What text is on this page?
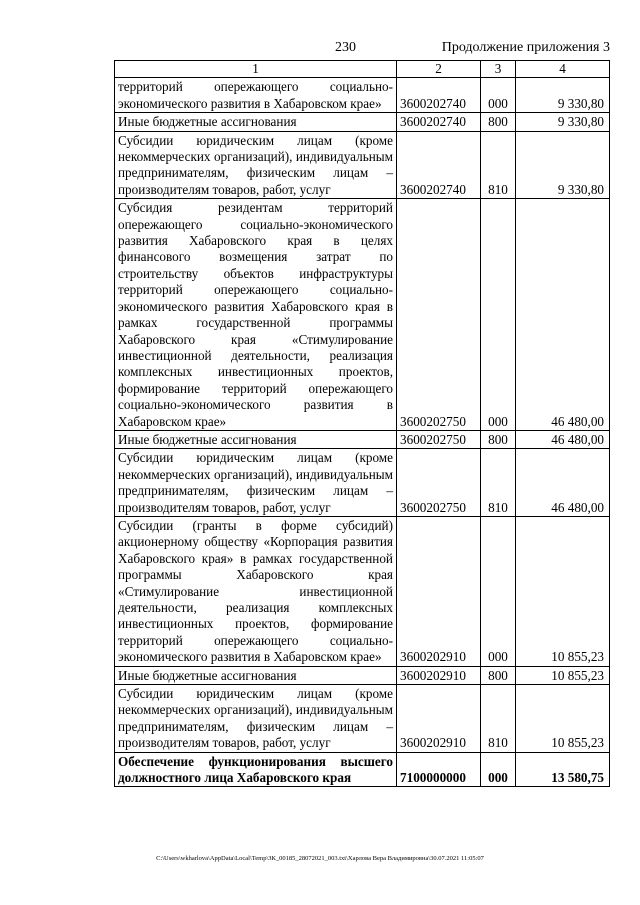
230	Продолжение приложения 3
1	2	3	4
территорий опережающего социально-экономического развития в Хабаровском крае»	3600202740	000	9 330,80
Иные бюджетные ассигнования	3600202740	800	9 330,80
Субсидии юридическим лицам (кроме некоммерческих организаций), индивидуальным предпринимателям, физическим лицам – производителям товаров, работ, услуг	3600202740	810	9 330,80
Субсидия резидентам территорий опережающего социально-экономического развития Хабаровского края в целях финансового возмещения затрат по строительству объектов инфраструктуры территорий опережающего социально-экономического развития Хабаровского края в рамках государственной программы Хабаровского края «Стимулирование инвестиционной деятельности, реализация комплексных инвестиционных проектов, формирование территорий опережающего социально-экономического развития в Хабаровском крае»	3600202750	000	46 480,00
Иные бюджетные ассигнования	3600202750	800	46 480,00
Субсидии юридическим лицам (кроме некоммерческих организаций), индивидуальным предпринимателям, физическим лицам – производителям товаров, работ, услуг	3600202750	810	46 480,00
Субсидии (гранты в форме субсидий) акционерному обществу «Корпорация развития Хабаровского края» в рамках государственной программы Хабаровского края «Стимулирование инвестиционной деятельности, реализация комплексных инвестиционных проектов, формирование территорий опережающего социально-экономического развития в Хабаровском крае»	3600202910	000	10 855,23
Иные бюджетные ассигнования	3600202910	800	10 855,23
Субсидии юридическим лицам (кроме некоммерческих организаций), индивидуальным предпринимателям, физическим лицам – производителям товаров, работ, услуг	3600202910	810	10 855,23
Обеспечение функционирования высшего должностного лица Хабаровского края	7100000000	000	13 580,75
C:\Users\wkharlova\AppData\Local\Temp\ЗК_00185_28072021_003.txt\Харлова Вера Владимировна\30.07.2021 11:05:07
